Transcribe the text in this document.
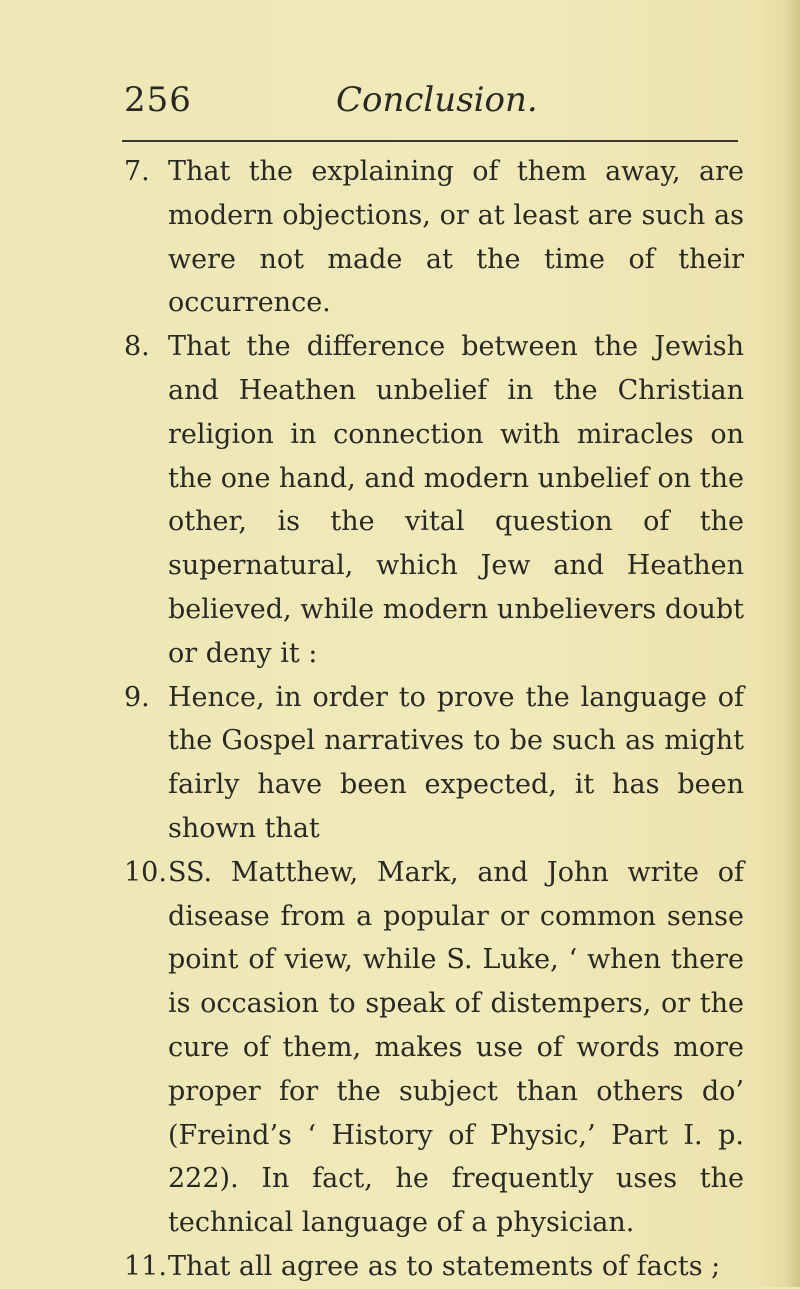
256	Conclusion.
7. That the explaining of them away, are modern objections, or at least are such as were not made at the time of their occurrence.
8. That the difference between the Jewish and Heathen unbelief in the Christian religion in connection with miracles on the one hand, and modern unbelief on the other, is the vital question of the supernatural, which Jew and Heathen believed, while modern unbelievers doubt or deny it :
9. Hence, in order to prove the language of the Gospel narratives to be such as might fairly have been expected, it has been shown that
10. SS. Matthew, Mark, and John write of disease from a popular or common sense point of view, while S. Luke, ‘ when there is occasion to speak of distempers, or the cure of them, makes use of words more proper for the subject than others do’ (Freind’s ‘ History of Physic,’ Part I. p. 222). In fact, he frequently uses the technical language of a physician.
11. That all agree as to statements of facts ;
